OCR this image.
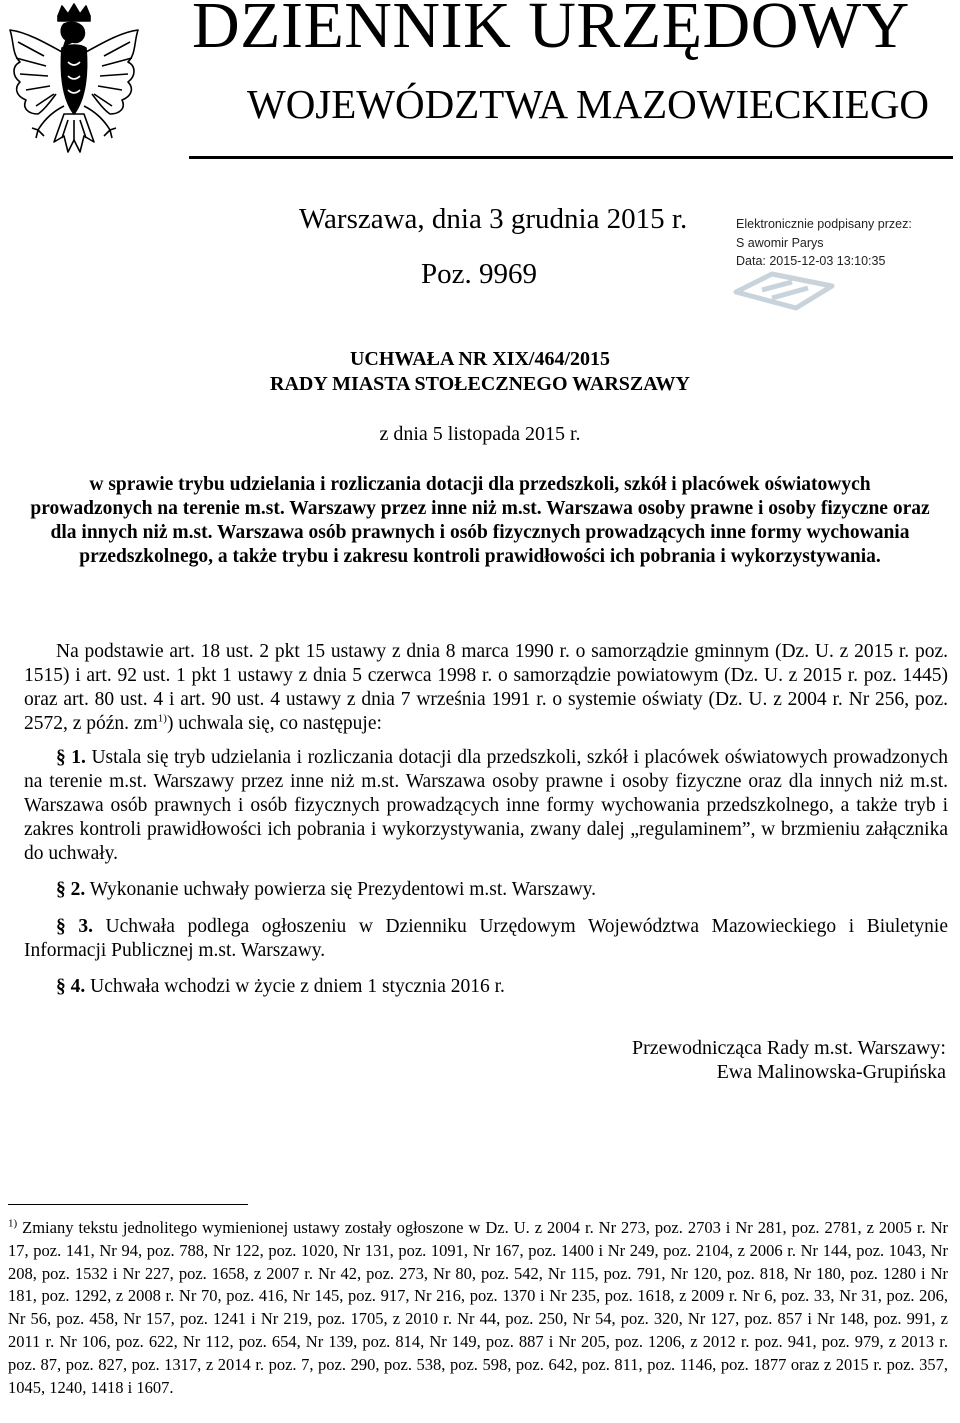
DZIENNIK URZĘDOWY
WOJEWÓDZTWA MAZOWIECKIEGO
Warszawa, dnia 3 grudnia 2015 r.
Poz. 9969
Elektronicznie podpisany przez:
S awomir Parys
Data: 2015-12-03 13:10:35
UCHWAŁA NR XIX/464/2015
RADY MIASTA STOŁECZNEGO WARSZAWY
z dnia 5 listopada 2015 r.
w sprawie trybu udzielania i rozliczania dotacji dla przedszkoli, szkół i placówek oświatowych prowadzonych na terenie m.st. Warszawy przez inne niż m.st. Warszawa osoby prawne i osoby fizyczne oraz dla innych niż m.st. Warszawa osób prawnych i osób fizycznych prowadzących inne formy wychowania przedszkolnego, a także trybu i zakresu kontroli prawidłowości ich pobrania i wykorzystywania.
Na podstawie art. 18 ust. 2 pkt 15 ustawy z dnia 8 marca 1990 r. o samorządzie gminnym (Dz. U. z 2015 r. poz. 1515) i art. 92 ust. 1 pkt 1 ustawy z dnia 5 czerwca 1998 r. o samorządzie powiatowym (Dz. U. z 2015 r. poz. 1445) oraz art. 80 ust. 4 i art. 90 ust. 4 ustawy z dnia 7 września 1991 r. o systemie oświaty (Dz. U. z 2004 r. Nr 256, poz. 2572, z późn. $zm^{1)}$) uchwala się, co następuje:
§ 1. Ustala się tryb udzielania i rozliczania dotacji dla przedszkoli, szkół i placówek oświatowych prowadzonych na terenie m.st. Warszawy przez inne niż m.st. Warszawa osoby prawne i osoby fizyczne oraz dla innych niż m.st. Warszawa osób prawnych i osób fizycznych prowadzących inne formy wychowania przedszkolnego, a także tryb i zakres kontroli prawidłowości ich pobrania i wykorzystywania, zwany dalej „regulaminem”, w brzmieniu załącznika do uchwały.
§ 2. Wykonanie uchwały powierza się Prezydentowi m.st. Warszawy.
§ 3. Uchwała podlega ogłoszeniu w Dzienniku Urzędowym Województwa Mazowieckiego i Biuletynie Informacji Publicznej m.st. Warszawy.
§ 4. Uchwała wchodzi w życie z dniem 1 stycznia 2016 r.
Przewodnicząca Rady m.st. Warszawy:
Ewa Malinowska-Grupińska
$^{1)}$ Zmiany tekstu jednolitego wymienionej ustawy zostały ogłoszone w Dz. U. z 2004 r. Nr 273, poz. 2703 i Nr 281, poz. 2781, z 2005 r. Nr 17, poz. 141, Nr 94, poz. 788, Nr 122, poz. 1020, Nr 131, poz. 1091, Nr 167, poz. 1400 i Nr 249, poz. 2104, z 2006 r. Nr 144, poz. 1043, Nr 208, poz. 1532 i Nr 227, poz. 1658, z 2007 r. Nr 42, poz. 273, Nr 80, poz. 542, Nr 115, poz. 791, Nr 120, poz. 818, Nr 180, poz. 1280 i Nr 181, poz. 1292, z 2008 r. Nr 70, poz. 416, Nr 145, poz. 917, Nr 216, poz. 1370 i Nr 235, poz. 1618, z 2009 r. Nr 6, poz. 33, Nr 31, poz. 206, Nr 56, poz. 458, Nr 157, poz. 1241 i Nr 219, poz. 1705, z 2010 r. Nr 44, poz. 250, Nr 54, poz. 320, Nr 127, poz. 857 i Nr 148, poz. 991, z 2011 r. Nr 106, poz. 622, Nr 112, poz. 654, Nr 139, poz. 814, Nr 149, poz. 887 i Nr 205, poz. 1206, z 2012 r. poz. 941, poz. 979, z 2013 r. poz. 87, poz. 827, poz. 1317, z 2014 r. poz. 7, poz. 290, poz. 538, poz. 598, poz. 642, poz. 811, poz. 1146, poz. 1877 oraz z 2015 r. poz. 357, 1045, 1240, 1418 i 1607.
